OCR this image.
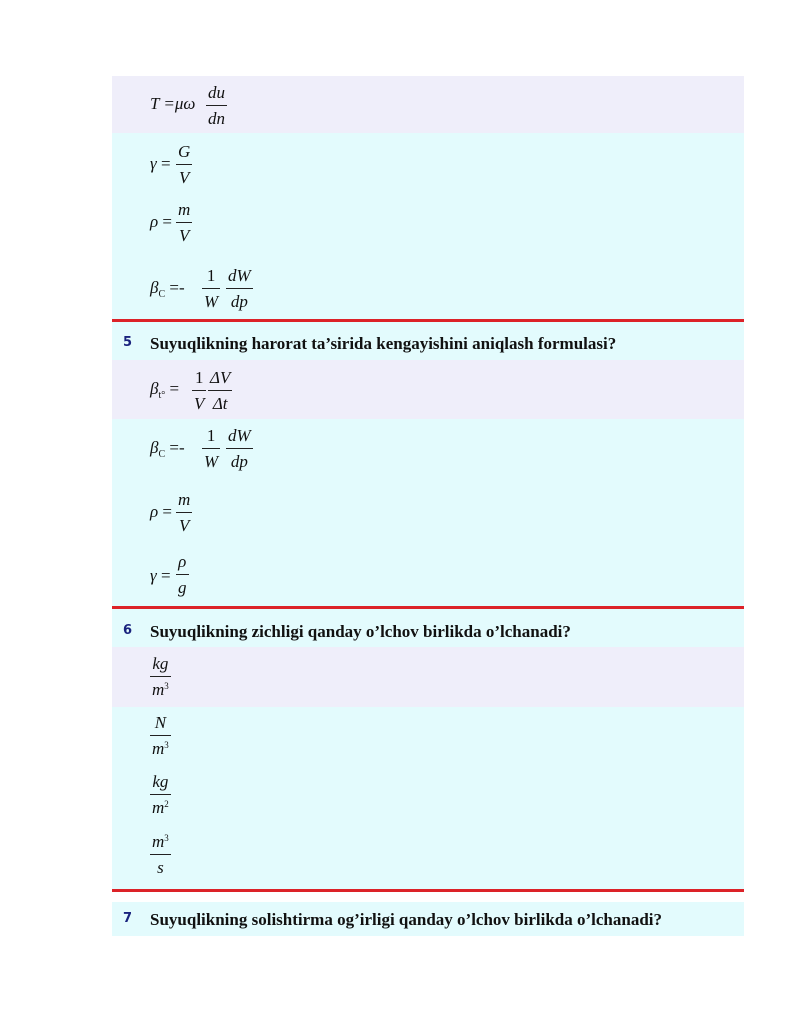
T =μω
du
dn
γ =
G
V
ρ =
m
V
$\beta_C$ =-
1
W
dW
dp
5 Suyuqlikning harorat ta’sirida kengayishini aniqlash formulasi?
$\beta_{t^\circ}$ =
1
V
ΔV
Δt
$\beta_C$ =-
1
W
dW
dp
ρ =
m
V
γ =
ρ
g
6 Suyuqlikning zichligi qanday o’lchov birlikda o’lchanadi?
kg
$m^3$
N
$m^3$
kg
$m^2$
$m^3$
s
7 Suyuqlikning solishtirma og’irligi qanday o’lchov birlikda o’lchanadi?
